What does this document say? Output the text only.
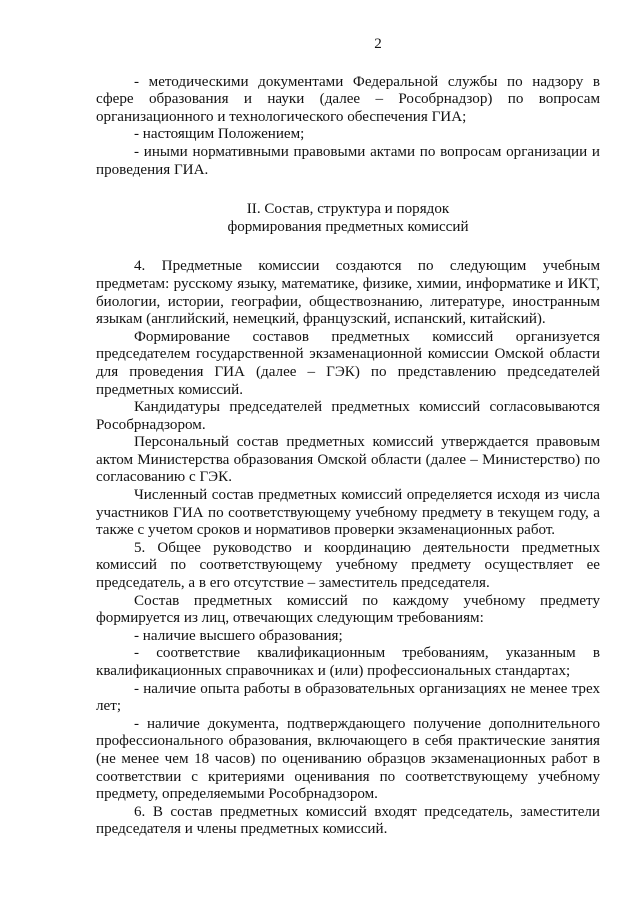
2

- методическими документами Федеральной службы по надзору в сфере образования и науки (далее – Рособрнадзор) по вопросам организационного и технологического обеспечения ГИА;

- настоящим Положением;

- иными нормативными правовыми актами по вопросам организации и проведения ГИА.

II. Состав, структура и порядок
формирования предметных комиссий

4. Предметные комиссии создаются по следующим учебным предметам: русскому языку, математике, физике, химии, информатике и ИКТ, биологии, истории, географии, обществознанию, литературе, иностранным языкам (английский, немецкий, французский, испанский, китайский).

Формирование составов предметных комиссий организуется председателем государственной экзаменационной комиссии Омской области для проведения ГИА (далее – ГЭК) по представлению председателей предметных комиссий.

Кандидатуры председателей предметных комиссий согласовываются Рособрнадзором.

Персональный состав предметных комиссий утверждается правовым актом Министерства образования Омской области (далее – Министерство) по согласованию с ГЭК.

Численный состав предметных комиссий определяется исходя из числа участников ГИА по соответствующему учебному предмету в текущем году, а также с учетом сроков и нормативов проверки экзаменационных работ.

5. Общее руководство и координацию деятельности предметных комиссий по соответствующему учебному предмету осуществляет ее председатель, а в его отсутствие – заместитель председателя.

Состав предметных комиссий по каждому учебному предмету формируется из лиц, отвечающих следующим требованиям:

- наличие высшего образования;

- соответствие квалификационным требованиям, указанным в квалификационных справочниках и (или) профессиональных стандартах;

- наличие опыта работы в образовательных организациях не менее трех лет;

- наличие документа, подтверждающего получение дополнительного профессионального образования, включающего в себя практические занятия (не менее чем 18 часов) по оцениванию образцов экзаменационных работ в соответствии с критериями оценивания по соответствующему учебному предмету, определяемыми Рособрнадзором.

6. В состав предметных комиссий входят председатель, заместители председателя и члены предметных комиссий.
